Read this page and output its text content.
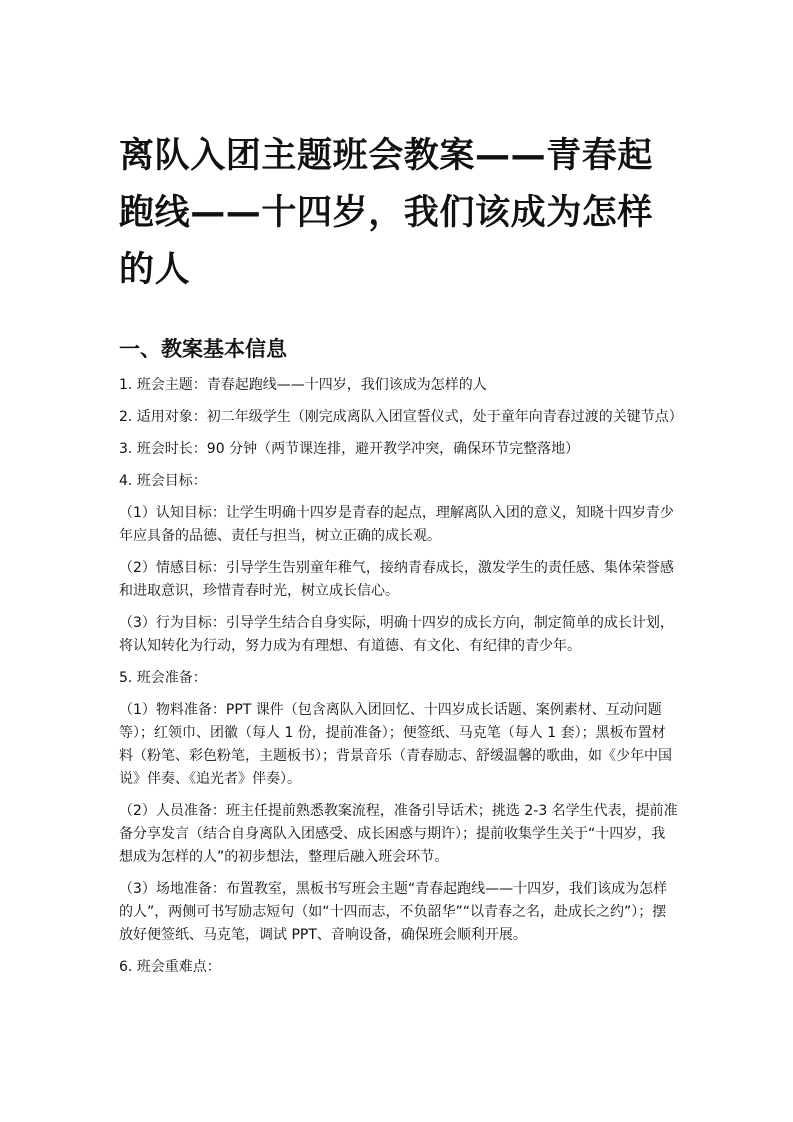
离队入团主题班会教案——青春起跑线——十四岁，我们该成为怎样的人
一、教案基本信息

1. 班会主题：青春起跑线——十四岁，我们该成为怎样的人

2. 适用对象：初二年级学生（刚完成离队入团宣誓仪式，处于童年向青春过渡的关键节点）

3. 班会时长：90 分钟（两节课连排，避开教学冲突，确保环节完整落地）

4. 班会目标：

（1）认知目标：让学生明确十四岁是青春的起点，理解离队入团的意义，知晓十四岁青少年应具备的品德、责任与担当，树立正确的成长观。

（2）情感目标：引导学生告别童年稚气，接纳青春成长，激发学生的责任感、集体荣誉感和进取意识，珍惜青春时光，树立成长信心。

（3）行为目标：引导学生结合自身实际，明确十四岁的成长方向，制定简单的成长计划，将认知转化为行动，努力成为有理想、有道德、有文化、有纪律的青少年。

5. 班会准备：

（1）物料准备：PPT 课件（包含离队入团回忆、十四岁成长话题、案例素材、互动问题等）；红领巾、团徽（每人 1 份，提前准备）；便签纸、马克笔（每人 1 套）；黑板布置材料（粉笔、彩色粉笔，主题板书）；背景音乐（青春励志、舒缓温馨的歌曲，如《少年中国说》伴奏、《追光者》伴奏）。

（2）人员准备：班主任提前熟悉教案流程，准备引导话术；挑选 2-3 名学生代表，提前准备分享发言（结合自身离队入团感受、成长困惑与期许）；提前收集学生关于“十四岁，我想成为怎样的人”的初步想法，整理后融入班会环节。

（3）场地准备：布置教室，黑板书写班会主题“青春起跑线——十四岁，我们该成为怎样的人”，两侧可书写励志短句（如“十四而志，不负韶华”“以青春之名，赴成长之约”）；摆放好便签纸、马克笔，调试 PPT、音响设备，确保班会顺利开展。

6. 班会重难点：
